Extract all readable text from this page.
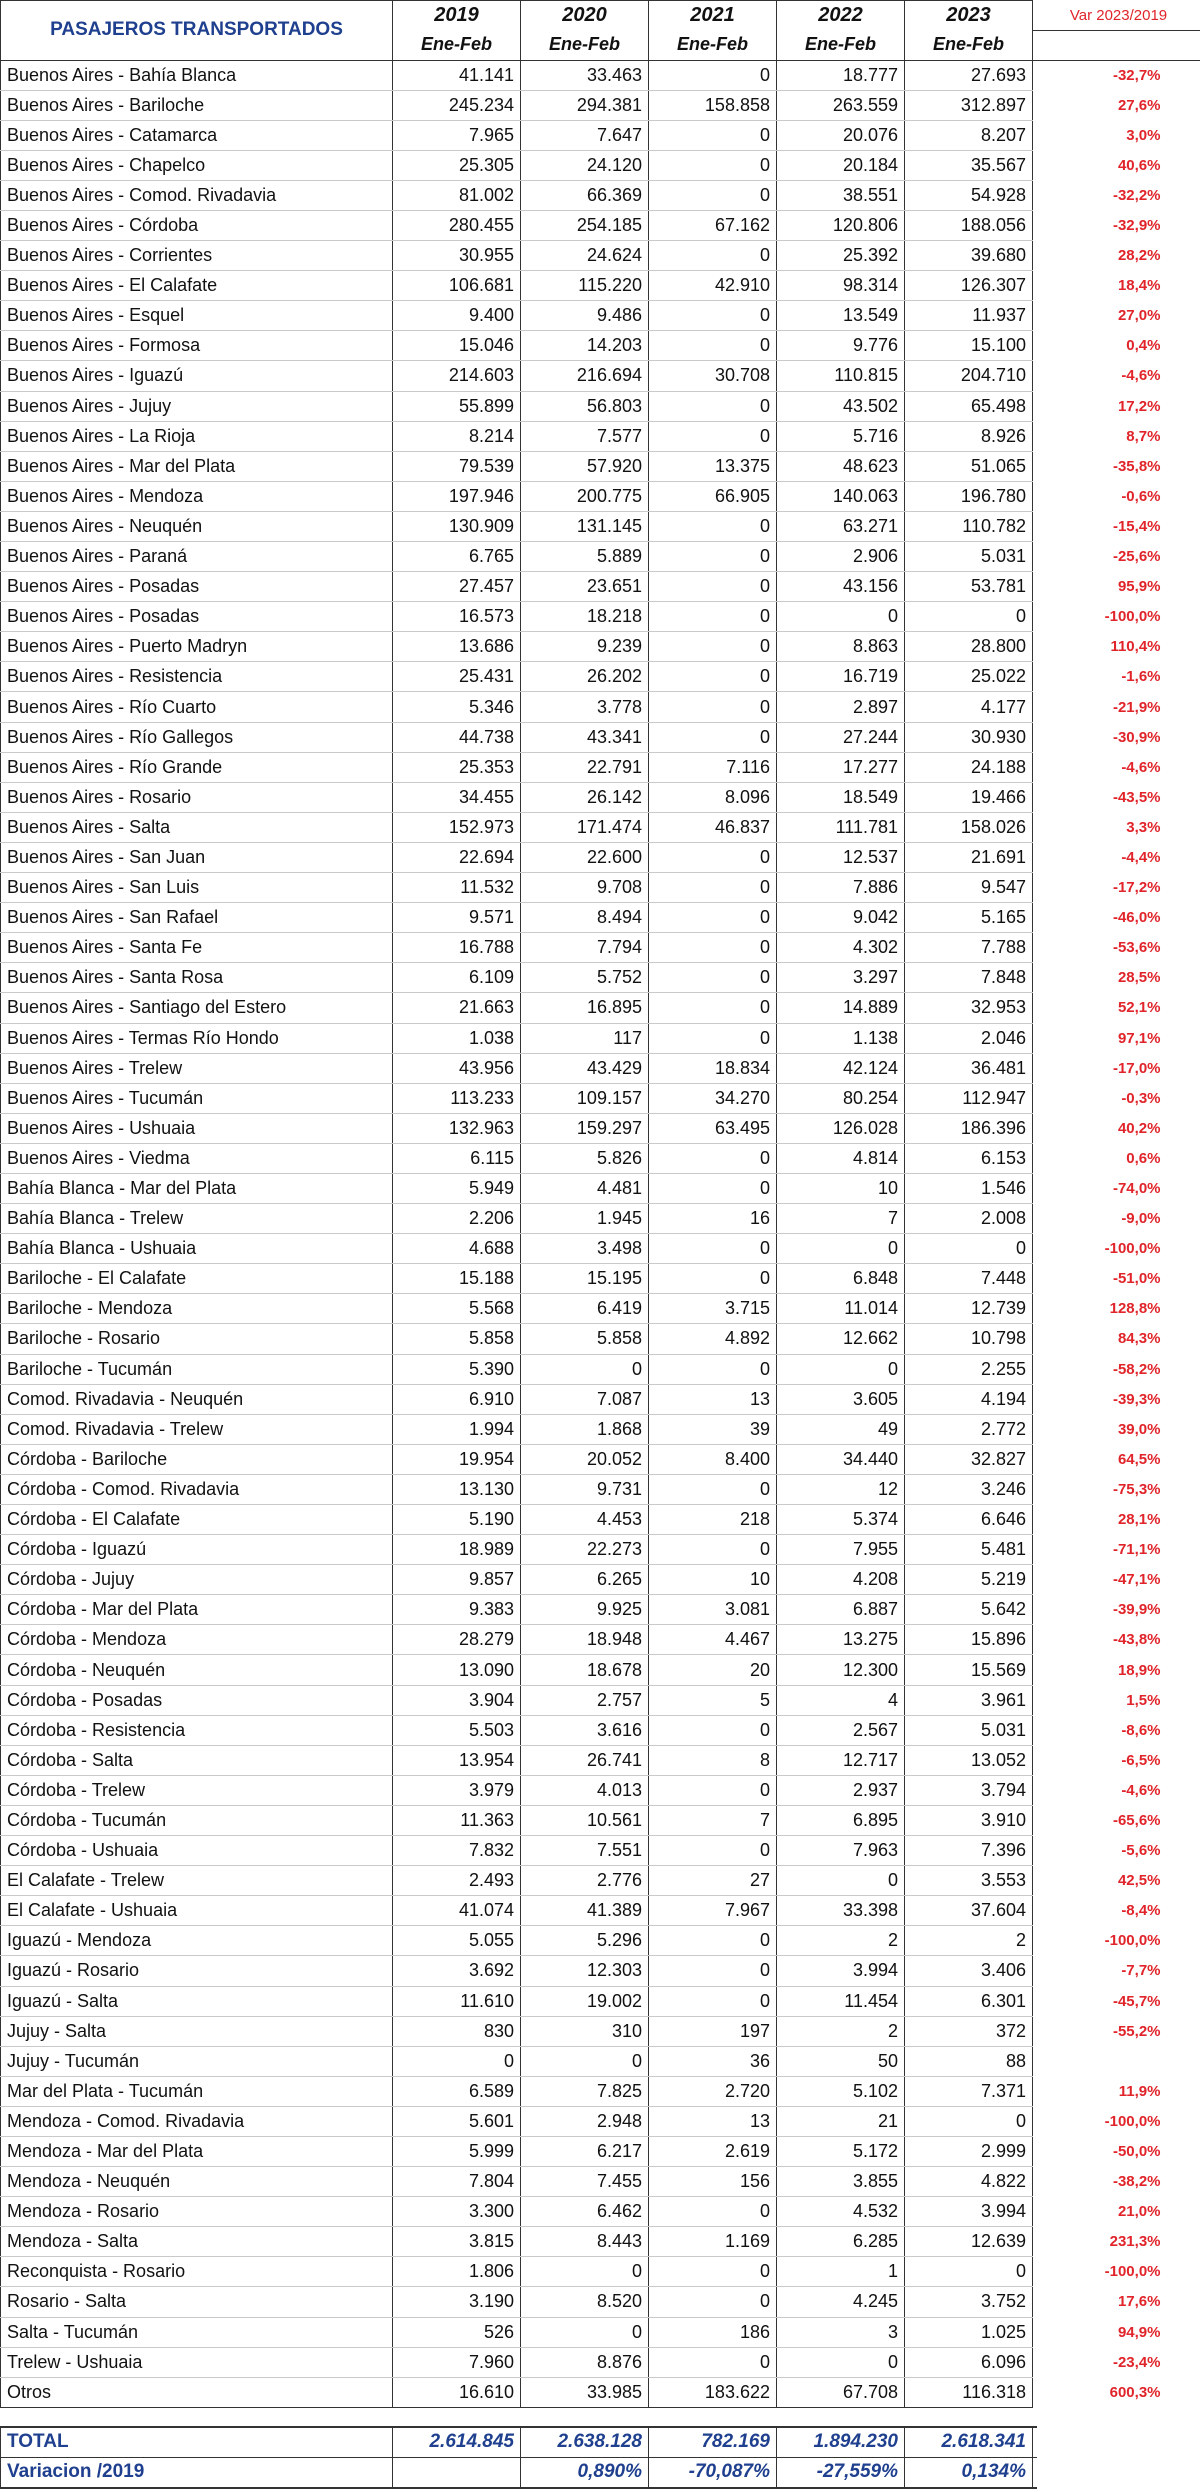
PASAJEROS TRANSPORTADOS	2019	2020	2021	2022	2023		Var 2023/2019
	Ene-Feb	Ene-Feb	Ene-Feb	Ene-Feb	Ene-Feb		
Buenos Aires - Bahía Blanca	41.141	33.463	0	18.777	27.693		-32,7%
Buenos Aires - Bariloche	245.234	294.381	158.858	263.559	312.897		27,6%
Buenos Aires - Catamarca	7.965	7.647	0	20.076	8.207		3,0%
Buenos Aires - Chapelco	25.305	24.120	0	20.184	35.567		40,6%
Buenos Aires - Comod. Rivadavia	81.002	66.369	0	38.551	54.928		-32,2%
Buenos Aires - Córdoba	280.455	254.185	67.162	120.806	188.056		-32,9%
Buenos Aires - Corrientes	30.955	24.624	0	25.392	39.680		28,2%
Buenos Aires - El Calafate	106.681	115.220	42.910	98.314	126.307		18,4%
Buenos Aires - Esquel	9.400	9.486	0	13.549	11.937		27,0%
Buenos Aires - Formosa	15.046	14.203	0	9.776	15.100		0,4%
Buenos Aires - Iguazú	214.603	216.694	30.708	110.815	204.710		-4,6%
Buenos Aires - Jujuy	55.899	56.803	0	43.502	65.498		17,2%
Buenos Aires - La Rioja	8.214	7.577	0	5.716	8.926		8,7%
Buenos Aires - Mar del Plata	79.539	57.920	13.375	48.623	51.065		-35,8%
Buenos Aires - Mendoza	197.946	200.775	66.905	140.063	196.780		-0,6%
Buenos Aires - Neuquén	130.909	131.145	0	63.271	110.782		-15,4%
Buenos Aires - Paraná	6.765	5.889	0	2.906	5.031		-25,6%
Buenos Aires - Posadas	27.457	23.651	0	43.156	53.781		95,9%
Buenos Aires - Posadas	16.573	18.218	0	0	0		-100,0%
Buenos Aires - Puerto Madryn	13.686	9.239	0	8.863	28.800		110,4%
Buenos Aires - Resistencia	25.431	26.202	0	16.719	25.022		-1,6%
Buenos Aires - Río Cuarto	5.346	3.778	0	2.897	4.177		-21,9%
Buenos Aires - Río Gallegos	44.738	43.341	0	27.244	30.930		-30,9%
Buenos Aires - Río Grande	25.353	22.791	7.116	17.277	24.188		-4,6%
Buenos Aires - Rosario	34.455	26.142	8.096	18.549	19.466		-43,5%
Buenos Aires - Salta	152.973	171.474	46.837	111.781	158.026		3,3%
Buenos Aires - San Juan	22.694	22.600	0	12.537	21.691		-4,4%
Buenos Aires - San Luis	11.532	9.708	0	7.886	9.547		-17,2%
Buenos Aires - San Rafael	9.571	8.494	0	9.042	5.165		-46,0%
Buenos Aires - Santa Fe	16.788	7.794	0	4.302	7.788		-53,6%
Buenos Aires - Santa Rosa	6.109	5.752	0	3.297	7.848		28,5%
Buenos Aires - Santiago del Estero	21.663	16.895	0	14.889	32.953		52,1%
Buenos Aires - Termas Río Hondo	1.038	117	0	1.138	2.046		97,1%
Buenos Aires - Trelew	43.956	43.429	18.834	42.124	36.481		-17,0%
Buenos Aires - Tucumán	113.233	109.157	34.270	80.254	112.947		-0,3%
Buenos Aires - Ushuaia	132.963	159.297	63.495	126.028	186.396		40,2%
Buenos Aires - Viedma	6.115	5.826	0	4.814	6.153		0,6%
Bahía Blanca - Mar del Plata	5.949	4.481	0	10	1.546		-74,0%
Bahía Blanca - Trelew	2.206	1.945	16	7	2.008		-9,0%
Bahía Blanca - Ushuaia	4.688	3.498	0	0	0		-100,0%
Bariloche - El Calafate	15.188	15.195	0	6.848	7.448		-51,0%
Bariloche - Mendoza	5.568	6.419	3.715	11.014	12.739		128,8%
Bariloche - Rosario	5.858	5.858	4.892	12.662	10.798		84,3%
Bariloche - Tucumán	5.390	0	0	0	2.255		-58,2%
Comod. Rivadavia - Neuquén	6.910	7.087	13	3.605	4.194		-39,3%
Comod. Rivadavia - Trelew	1.994	1.868	39	49	2.772		39,0%
Córdoba - Bariloche	19.954	20.052	8.400	34.440	32.827		64,5%
Córdoba - Comod. Rivadavia	13.130	9.731	0	12	3.246		-75,3%
Córdoba - El Calafate	5.190	4.453	218	5.374	6.646		28,1%
Córdoba - Iguazú	18.989	22.273	0	7.955	5.481		-71,1%
Córdoba - Jujuy	9.857	6.265	10	4.208	5.219		-47,1%
Córdoba - Mar del Plata	9.383	9.925	3.081	6.887	5.642		-39,9%
Córdoba - Mendoza	28.279	18.948	4.467	13.275	15.896		-43,8%
Córdoba - Neuquén	13.090	18.678	20	12.300	15.569		18,9%
Córdoba - Posadas	3.904	2.757	5	4	3.961		1,5%
Córdoba - Resistencia	5.503	3.616	0	2.567	5.031		-8,6%
Córdoba - Salta	13.954	26.741	8	12.717	13.052		-6,5%
Córdoba - Trelew	3.979	4.013	0	2.937	3.794		-4,6%
Córdoba - Tucumán	11.363	10.561	7	6.895	3.910		-65,6%
Córdoba - Ushuaia	7.832	7.551	0	7.963	7.396		-5,6%
El Calafate - Trelew	2.493	2.776	27	0	3.553		42,5%
El Calafate - Ushuaia	41.074	41.389	7.967	33.398	37.604		-8,4%
Iguazú - Mendoza	5.055	5.296	0	2	2		-100,0%
Iguazú - Rosario	3.692	12.303	0	3.994	3.406		-7,7%
Iguazú - Salta	11.610	19.002	0	11.454	6.301		-45,7%
Jujuy - Salta	830	310	197	2	372		-55,2%
Jujuy - Tucumán	0	0	36	50	88		
Mar del Plata - Tucumán	6.589	7.825	2.720	5.102	7.371		11,9%
Mendoza - Comod. Rivadavia	5.601	2.948	13	21	0		-100,0%
Mendoza - Mar del Plata	5.999	6.217	2.619	5.172	2.999		-50,0%
Mendoza - Neuquén	7.804	7.455	156	3.855	4.822		-38,2%
Mendoza - Rosario	3.300	6.462	0	4.532	3.994		21,0%
Mendoza - Salta	3.815	8.443	1.169	6.285	12.639		231,3%
Reconquista - Rosario	1.806	0	0	1	0		-100,0%
Rosario - Salta	3.190	8.520	0	4.245	3.752		17,6%
Salta - Tucumán	526	0	186	3	1.025		94,9%
Trelew - Ushuaia	7.960	8.876	0	0	6.096		-23,4%
Otros	16.610	33.985	183.622	67.708	116.318		600,3%

TOTAL	2.614.845	2.638.128	782.169	1.894.230	2.618.341		
Variacion /2019		0,890%	-70,087%	-27,559%	0,134%		
